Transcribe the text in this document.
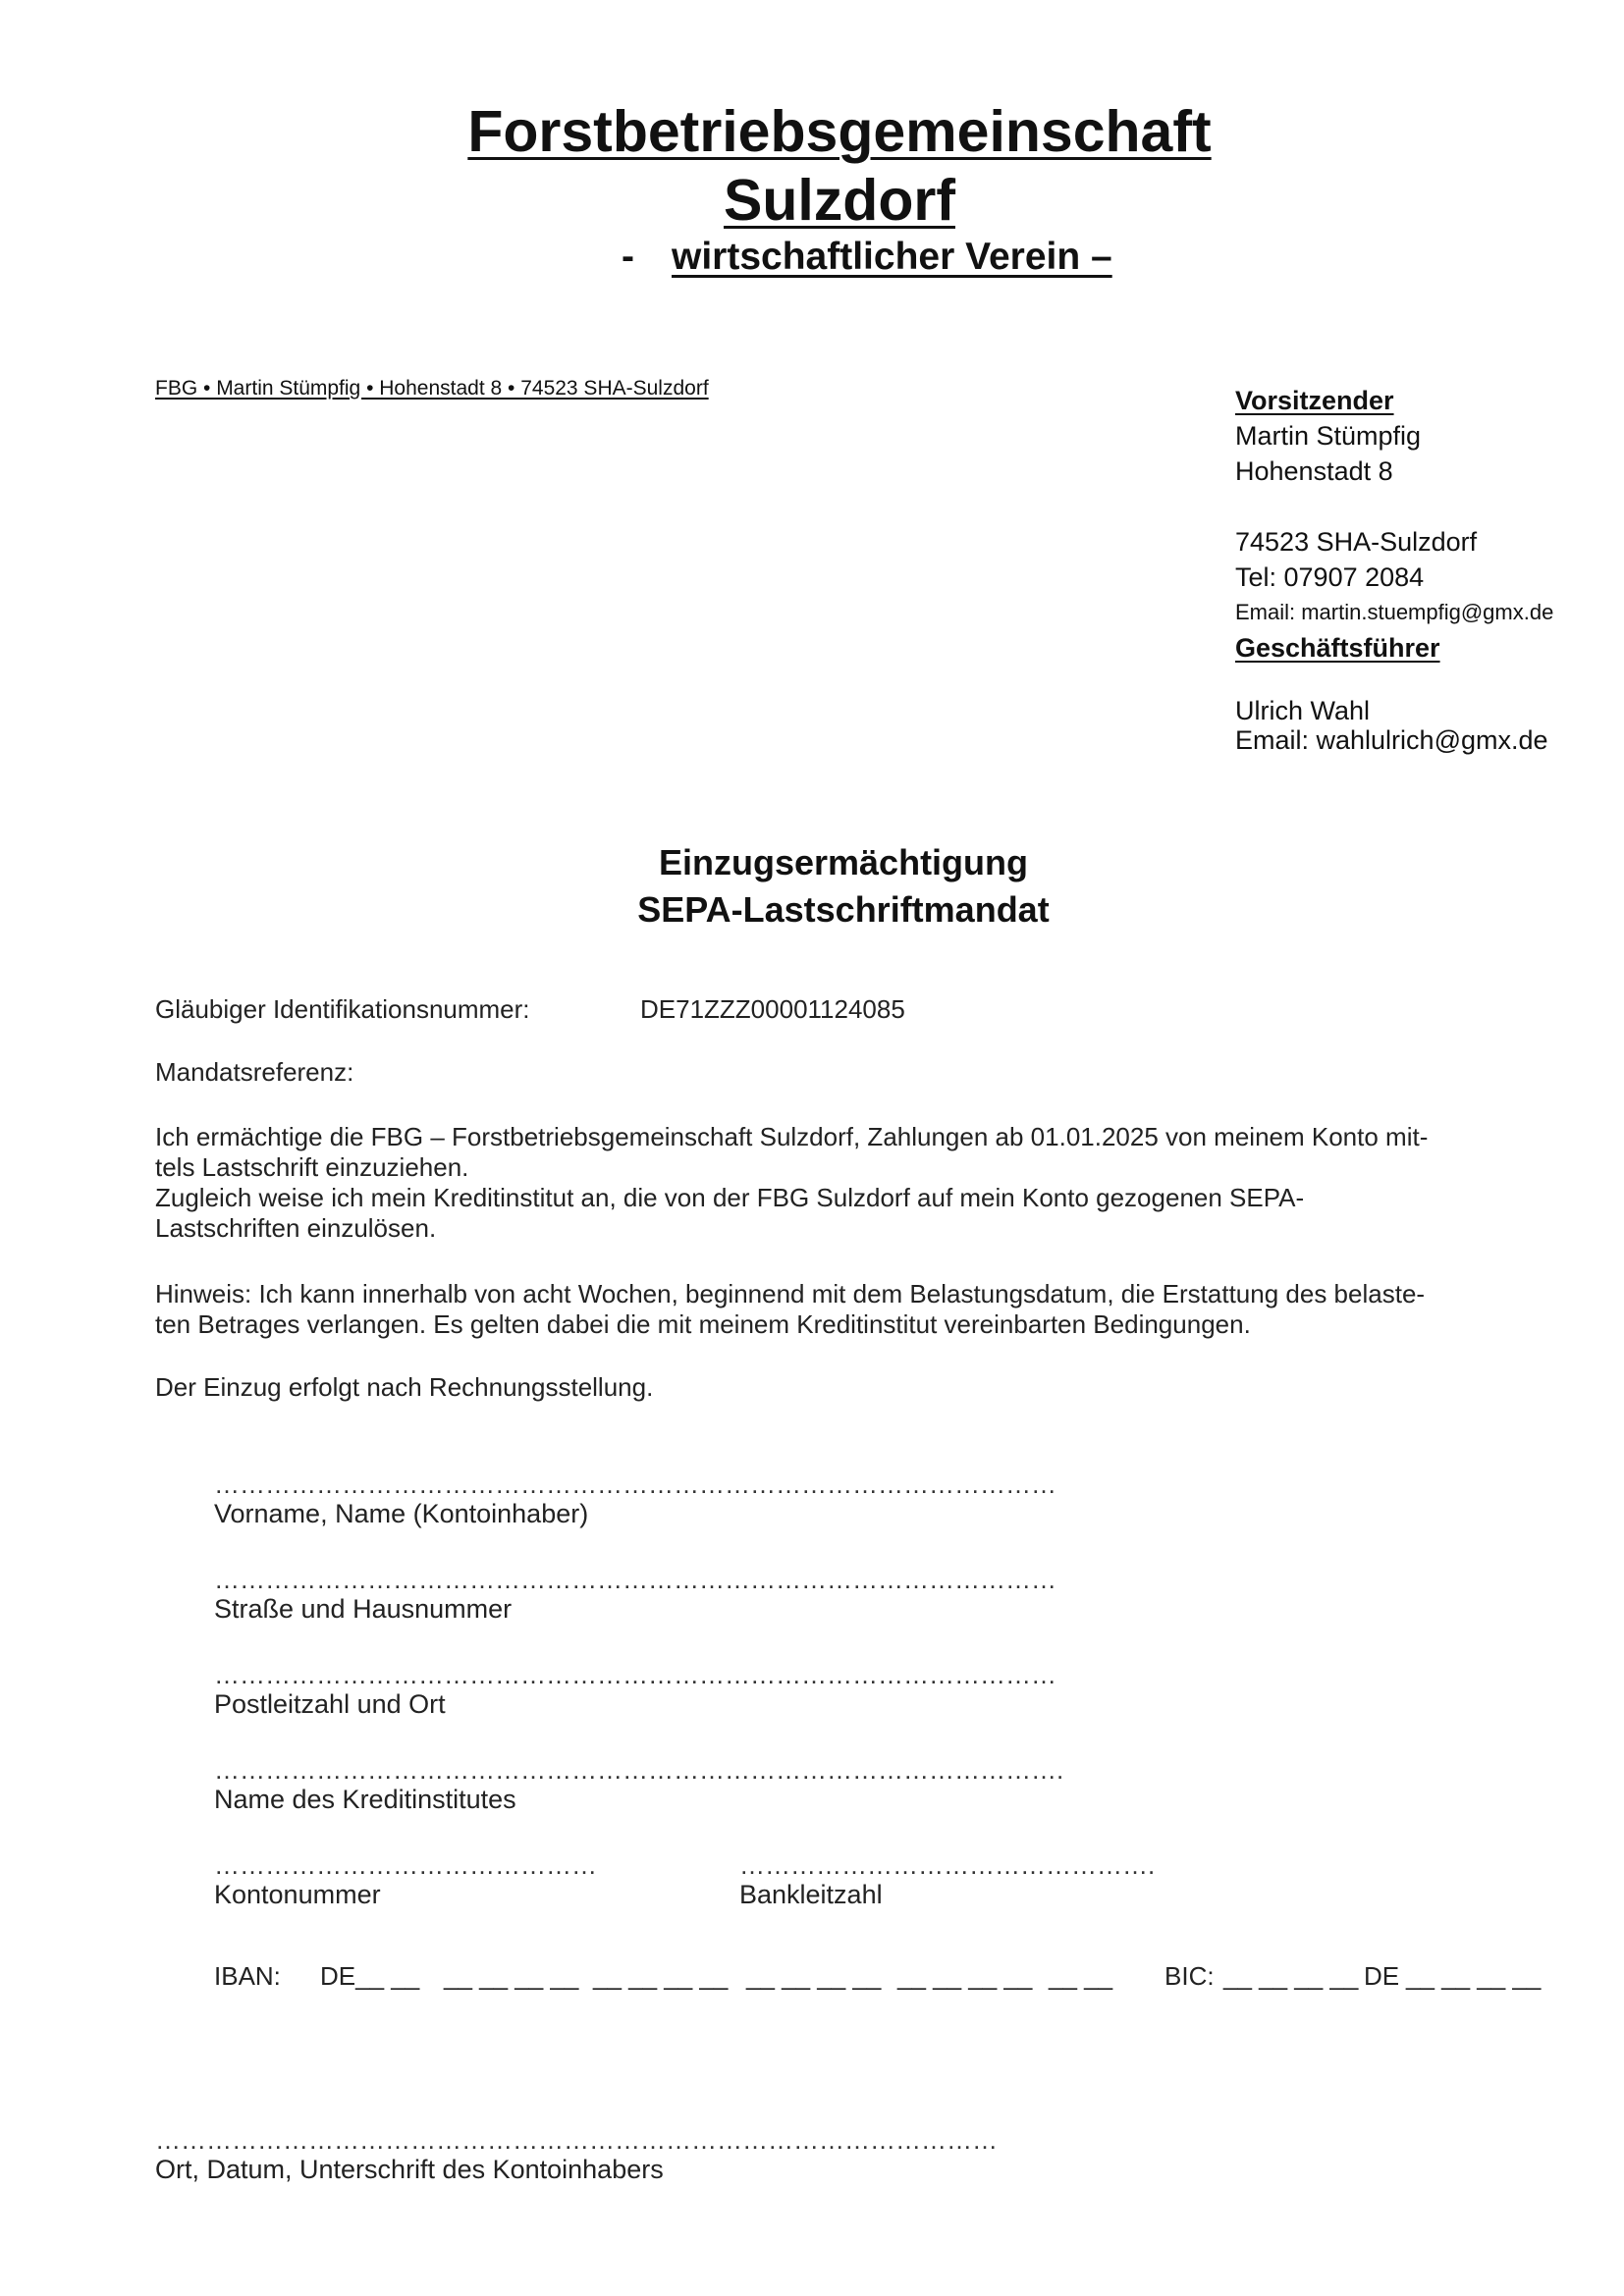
Forstbetriebsgemeinschaft
Sulzdorf
- wirtschaftlicher Verein –
FBG • Martin Stümpfig • Hohenstadt 8 • 74523 SHA-Sulzdorf	Vorsitzender
Martin Stümpfig
Hohenstadt 8
74523 SHA-Sulzdorf
Tel: 07907 2084
Email: martin.stuempfig@gmx.de
Geschäftsführer
Ulrich Wahl
Email: wahlulrich@gmx.de
Einzugsermächtigung
SEPA-Lastschriftmandat
Gläubiger Identifikationsnummer:	DE71ZZZ00001124085
Mandatsreferenz:
Ich ermächtige die FBG – Forstbetriebsgemeinschaft Sulzdorf, Zahlungen ab 01.01.2025 von meinem Konto mit-
tels Lastschrift einzuziehen.
Zugleich weise ich mein Kreditinstitut an, die von der FBG Sulzdorf auf mein Konto gezogenen SEPA-
Lastschriften einzulösen.
Hinweis: Ich kann innerhalb von acht Wochen, beginnend mit dem Belastungsdatum, die Erstattung des belaste-
ten Betrages verlangen. Es gelten dabei die mit meinem Kreditinstitut vereinbarten Bedingungen.
Der Einzug erfolgt nach Rechnungsstellung.
………………………………………………………………………………………
Vorname, Name (Kontoinhaber)
………………………………………………………………………………………
Straße und Hausnummer
………………………………………………………………………………………
Postleitzahl und Ort
……………………………………………………………………………………….
Name des Kreditinstitutes
………………………………………
Kontonummer
………………………………………….
Bankleitzahl
IBAN: DE__ __ __ __ __ __ __ __ __ __ __ __ __ __ __ __ __ __ __ __ BIC: __ __ __ __ DE __ __ __ __
………………………………………………………………………………………
Ort, Datum, Unterschrift des Kontoinhabers
